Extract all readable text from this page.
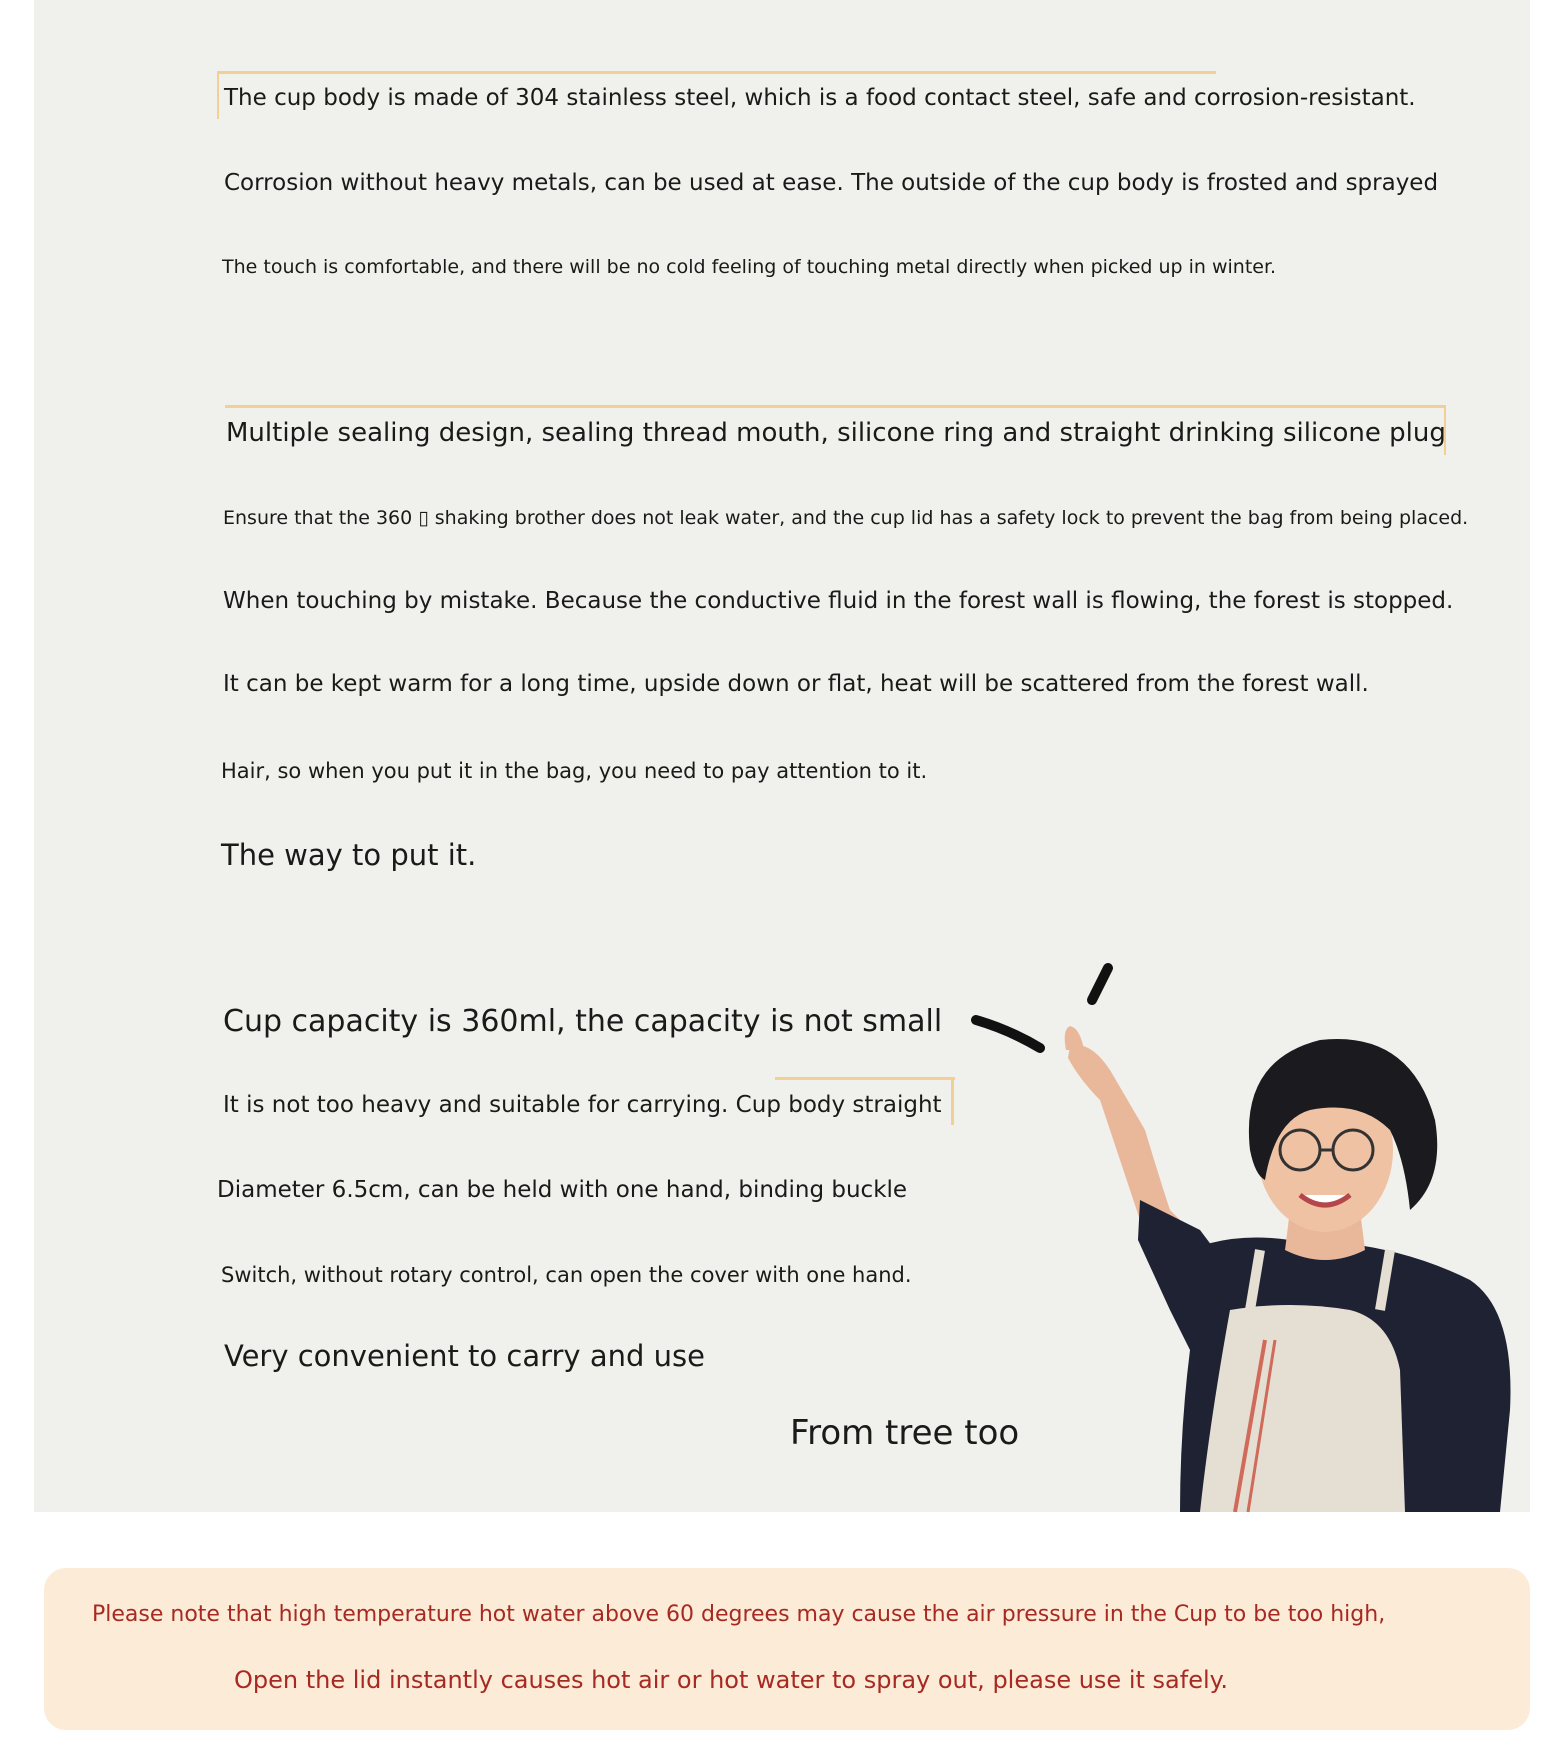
The cup body is made of 304 stainless steel, which is a food contact steel, safe and corrosion-resistant.
Corrosion without heavy metals, can be used at ease. The outside of the cup body is frosted and sprayed
The touch is comfortable, and there will be no cold feeling of touching metal directly when picked up in winter.
Multiple sealing design, sealing thread mouth, silicone ring and straight drinking silicone plug
Ensure that the 360 ▯ shaking brother does not leak water, and the cup lid has a safety lock to prevent the bag from being placed.
When touching by mistake. Because the conductive fluid in the forest wall is flowing, the forest is stopped.
It can be kept warm for a long time, upside down or flat, heat will be scattered from the forest wall.
Hair, so when you put it in the bag, you need to pay attention to it.
The way to put it.
Cup capacity is 360ml, the capacity is not small
It is not too heavy and suitable for carrying. Cup body straight
Diameter 6.5cm, can be held with one hand, binding buckle
Switch, without rotary control, can open the cover with one hand.
Very convenient to carry and use
From tree too
Please note that high temperature hot water above 60 degrees may cause the air pressure in the Cup to be too high,
Open the lid instantly causes hot air or hot water to spray out, please use it safely.
